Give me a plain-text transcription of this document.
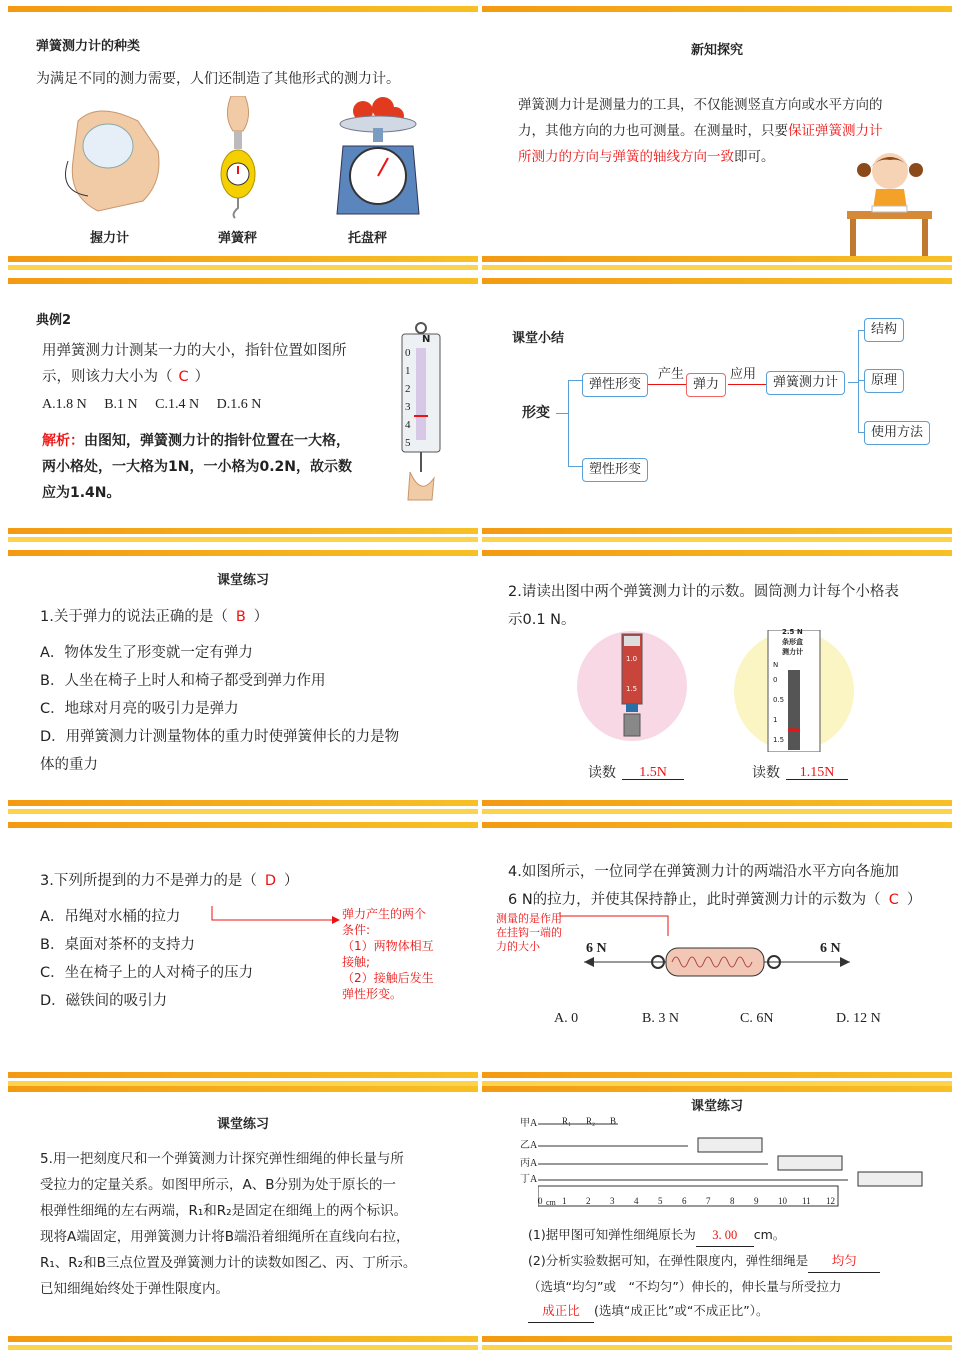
弹簧测力计的种类
为满足不同的测力需要，人们还制造了其他形式的测力计。
握力计	弹簧秤	托盘秤
新知探究
弹簧测力计是测量力的工具，不仅能测竖直方向或水平方向的
力，其他方向的力也可测量。在测量时，只要保证弹簧测力计
所测力的方向与弹簧的轴线方向一致即可。
典例2
用弹簧测力计测某一力的大小，指针位置如图所
示，则该力大小为（ C ）
A.1.8 N　 B.1 N　 C.1.4 N　 D.1.6 N
解析：由图知，弹簧测力计的指针位置在一大格，
两小格处，一大格为1N，一小格为0.2N，故示数
应为1.4N。
N
0
1
2
3
4
5
课堂小结
形变
弹性形变
塑性形变
产生
弹力
应用
弹簧测力计
结构
原理
使用方法
课堂练习
1.关于弹力的说法正确的是（ B ）
A．物体发生了形变就一定有弹力
B．人坐在椅子上时人和椅子都受到弹力作用
C．地球对月亮的吸引力是弹力
D．用弹簧测力计测量物体的重力时使弹簧伸长的力是物
体的重力
2.请读出图中两个弹簧测力计的示数。圆筒测力计每个小格表
示0.1 N。
1.0
1.5
2.5 N
条形盒
测力计
N
0
0.5
1
1.5
读数	1.5N	读数	1.15N
3.下列所提到的力不是弹力的是（ D ）
A．吊绳对水桶的拉力
B．桌面对茶杯的支持力
C．坐在椅子上的人对椅子的压力
D．磁铁间的吸引力
弹力产生的两个
条件:
（1）两物体相互
接触;
（2）接触后发生
弹性形变。
4.如图所示，一位同学在弹簧测力计的两端沿水平方向各施加
6 N的拉力，并使其保持静止，此时弹簧测力计的示数为（ C ）
测量的是作用
在挂钩一端的
力的大小	6 N	6 N
A. 0	B. 3 N	C. 6N	D. 12 N
课堂练习
5.用一把刻度尺和一个弹簧测力计探究弹性细绳的伸长量与所
受拉力的定量关系。如图甲所示，A、B分别为处于原长的一
根弹性细绳的左右两端，R₁和R₂是固定在细绳上的两个标识。
现将A端固定，用弹簧测力计将B端沿着细绳所在直线向右拉，
R₁、R₂和B三点位置及弹簧测力计的读数如图乙、丙、丁所示。
已知细绳始终处于弹性限度内。
课堂练习
甲A
乙A
丙A
丁A
R₁ R₂ B
0 1 2 3 4 5 6 7 8 9 10 11 12
cm
(1)据甲图可知弹性细绳原长为 3. 00 cm。
(2)分析实验数据可知，在弹性限度内，弹性细绳是 均匀
（选填“均匀”或　“不均匀”）伸长的，伸长量与所受拉力
成正比 (选填“成正比”或“不成正比”）。
